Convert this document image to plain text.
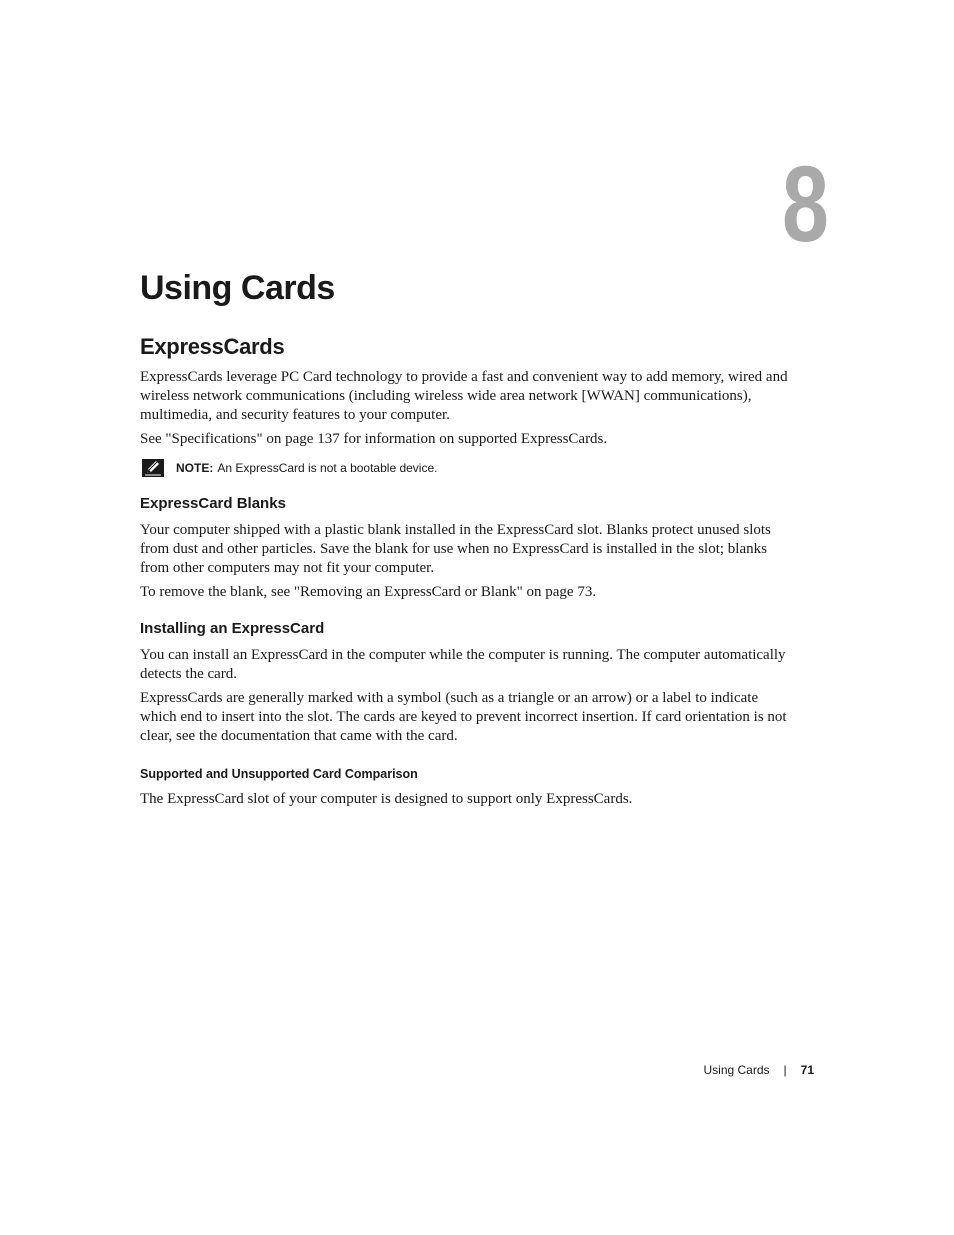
8
Using Cards
ExpressCards

ExpressCards leverage PC Card technology to provide a fast and convenient way to add memory, wired and wireless network communications (including wireless wide area network [WWAN] communications), multimedia, and security features to your computer.

See "Specifications" on page 137 for information on supported ExpressCards.

NOTE: An ExpressCard is not a bootable device.
ExpressCard Blanks

Your computer shipped with a plastic blank installed in the ExpressCard slot. Blanks protect unused slots from dust and other particles. Save the blank for use when no ExpressCard is installed in the slot; blanks from other computers may not fit your computer.

To remove the blank, see "Removing an ExpressCard or Blank" on page 73.

Installing an ExpressCard

You can install an ExpressCard in the computer while the computer is running. The computer automatically detects the card.

ExpressCards are generally marked with a symbol (such as a triangle or an arrow) or a label to indicate which end to insert into the slot. The cards are keyed to prevent incorrect insertion. If card orientation is not clear, see the documentation that came with the card.

Supported and Unsupported Card Comparison

The ExpressCard slot of your computer is designed to support only ExpressCards.

Using Cards | 71
